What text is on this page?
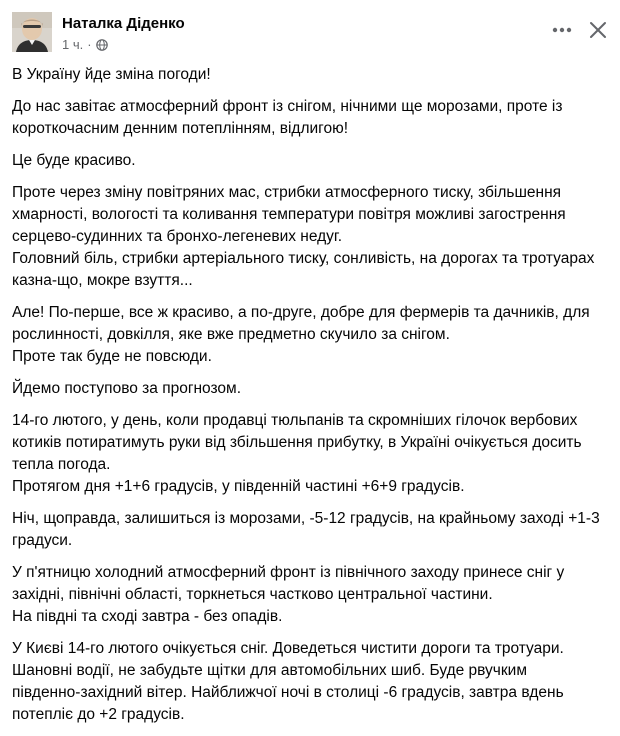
Наталка Діденко
1 ч. ·

В Україну йде зміна погоди!

До нас завітає атмосферний фронт із снігом, нічними ще морозами, проте із
короткочасним денним потеплінням, відлигою!

Це буде красиво.

Проте через зміну повітряних мас, стрибки атмосферного тиску, збільшення
хмарності, вологості та коливання температури повітря можливі загострення
серцево-судинних та бронхо-легеневих недуг.
Головний біль, стрибки артеріального тиску, сонливість, на дорогах та тротуарах
казна-що, мокре взуття...

Але! По-перше, все ж красиво, а по-друге, добре для фермерів та дачників, для
рослинності, довкілля, яке вже предметно скучило за снігом.
Проте так буде не повсюди.

Йдемо поступово за прогнозом.

14-го лютого, у день, коли продавці тюльпанів та скромніших гілочок вербових
котиків потиратимуть руки від збільшення прибутку, в Україні очікується досить
тепла погода.
Протягом дня +1+6 градусів, у південній частині +6+9 градусів.

Ніч, щоправда, залишиться із морозами, -5-12 градусів, на крайньому заході +1-3
градуси.

У п'ятницю холодний атмосферний фронт із північного заходу принесе сніг у
західні, північні області, торкнеться частково центральної частини.
На півдні та сході завтра - без опадів.

У Києві 14-го лютого очікується сніг. Доведеться чистити дороги та тротуари.
Шановні водії, не забудьте щітки для автомобільних шиб. Буде рвучким
південно-західний вітер. Найближчої ночі в столиці -6 градусів, завтра вдень
потепліє до +2 градусів.
